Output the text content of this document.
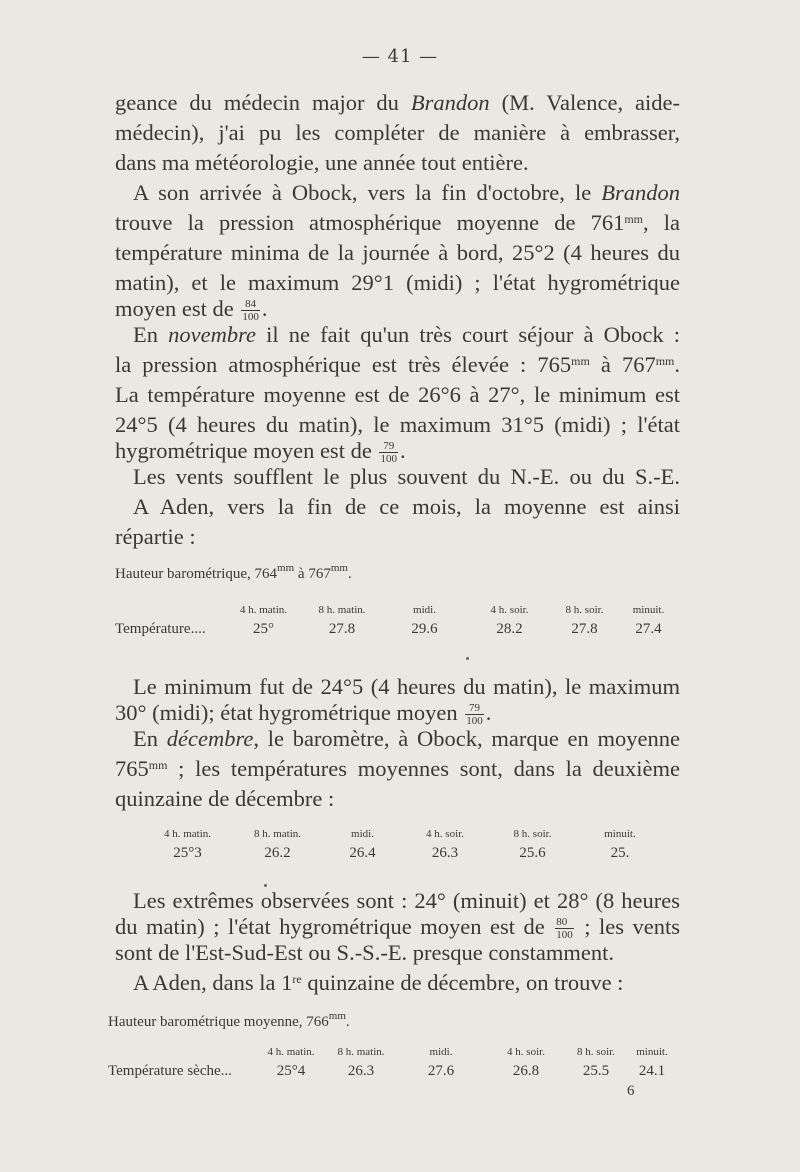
— 41 —
geance du médecin major du Brandon (M. Valence, aide-
médecin), j'ai pu les compléter de manière à embrasser,
dans ma météorologie, une année tout entière.
A son arrivée à Obock, vers la fin d'octobre, le Brandon
trouve la pression atmosphérique moyenne de $761^{mm}$, la
température minima de la journée à bord, 25°2 (4 heures du
matin), et le maximum 29°1 (midi) ; l'état hygrométrique
moyen est de $\frac{84}{100}$ .
En novembre il ne fait qu'un très court séjour à Obock :
la pression atmosphérique est très élevée : $765^{mm}$ à $767^{mm}$.
La température moyenne est de 26°6 à 27°, le minimum est
24°5 (4 heures du matin), le maximum 31°5 (midi) ; l'état
hygrométrique moyen est de $\frac{79}{100}$ .
Les vents soufflent le plus souvent du N.-E. ou du S.-E.
A Aden, vers la fin de ce mois, la moyenne est ainsi
répartie :
Hauteur barométrique, $764^{mm}$ à $767^{mm}$.
	4 h. matin.	8 h. matin.	midi.	4 h. soir.	8 h. soir.	minuit.
Température....	25°	27.8	29.6	28.2	27.8	27.4
Le minimum fut de 24°5 (4 heures du matin), le maximum
30° (midi); état hygrométrique moyen $\frac{79}{100}$ .
En décembre, le baromètre, à Obock, marque en moyenne
$765^{mm}$ ; les températures moyennes sont, dans la deuxième
quinzaine de décembre :
4 h. matin.	8 h. matin.	midi.	4 h. soir.	8 h. soir.	minuit.
25°3	26.2	26.4	26.3	25.6	25.
Les extrêmes observées sont : 24° (minuit) et 28° (8 heures
du matin) ; l'état hygrométrique moyen est de $\frac{80}{100}$ ; les vents
sont de l'Est-Sud-Est ou S.-S.-E. presque constamment.
A Aden, dans la 1re quinzaine de décembre, on trouve :
Hauteur barométrique moyenne, $766^{mm}$.
	4 h. matin.	8 h. matin.	midi.	4 h. soir.	8 h. soir.	minuit.
Température sèche...	25°4	26.3	27.6	26.8	25.5	24.1
6
